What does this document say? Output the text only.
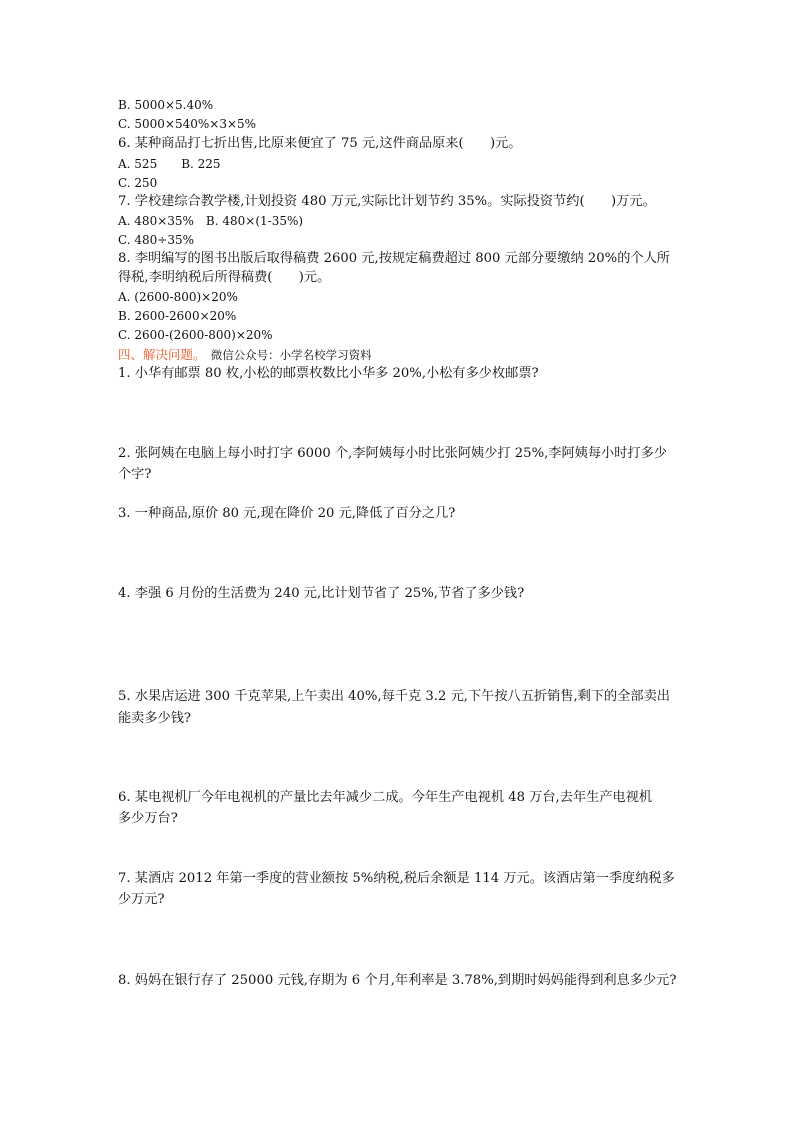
B. 5000×5.40%
C. 5000×540%×3×5%
6. 某种商品打七折出售,比原来便宜了 75 元,这件商品原来(　　)元。
A. 525　　B. 225
C. 250
7. 学校建综合教学楼,计划投资 480 万元,实际比计划节约 35%。实际投资节约(　　)万元。
A. 480×35%　B. 480×(1-35%)
C. 480÷35%
8. 李明编写的图书出版后取得稿费 2600 元,按规定稿费超过 800 元部分要缴纳 20%的个人所
得税,李明纳税后所得稿费(　　)元。
A. (2600-800)×20%
B. 2600-2600×20%
C. 2600-(2600-800)×20%
四、解决问题。 微信公众号：小学名校学习资料
1. 小华有邮票 80 枚,小松的邮票枚数比小华多 20%,小松有多少枚邮票?
2. 张阿姨在电脑上每小时打字 6000 个,李阿姨每小时比张阿姨少打 25%,李阿姨每小时打多少
个字?
3. 一种商品,原价 80 元,现在降价 20 元,降低了百分之几?
4. 李强 6 月份的生活费为 240 元,比计划节省了 25%,节省了多少钱?
5. 水果店运进 300 千克苹果,上午卖出 40%,每千克 3.2 元,下午按八五折销售,剩下的全部卖出
能卖多少钱?
6. 某电视机厂今年电视机的产量比去年减少二成。今年生产电视机 48 万台,去年生产电视机
多少万台?
7. 某酒店 2012 年第一季度的营业额按 5%纳税,税后余额是 114 万元。该酒店第一季度纳税多
少万元?
8. 妈妈在银行存了 25000 元钱,存期为 6 个月,年利率是 3.78%,到期时妈妈能得到利息多少元?
